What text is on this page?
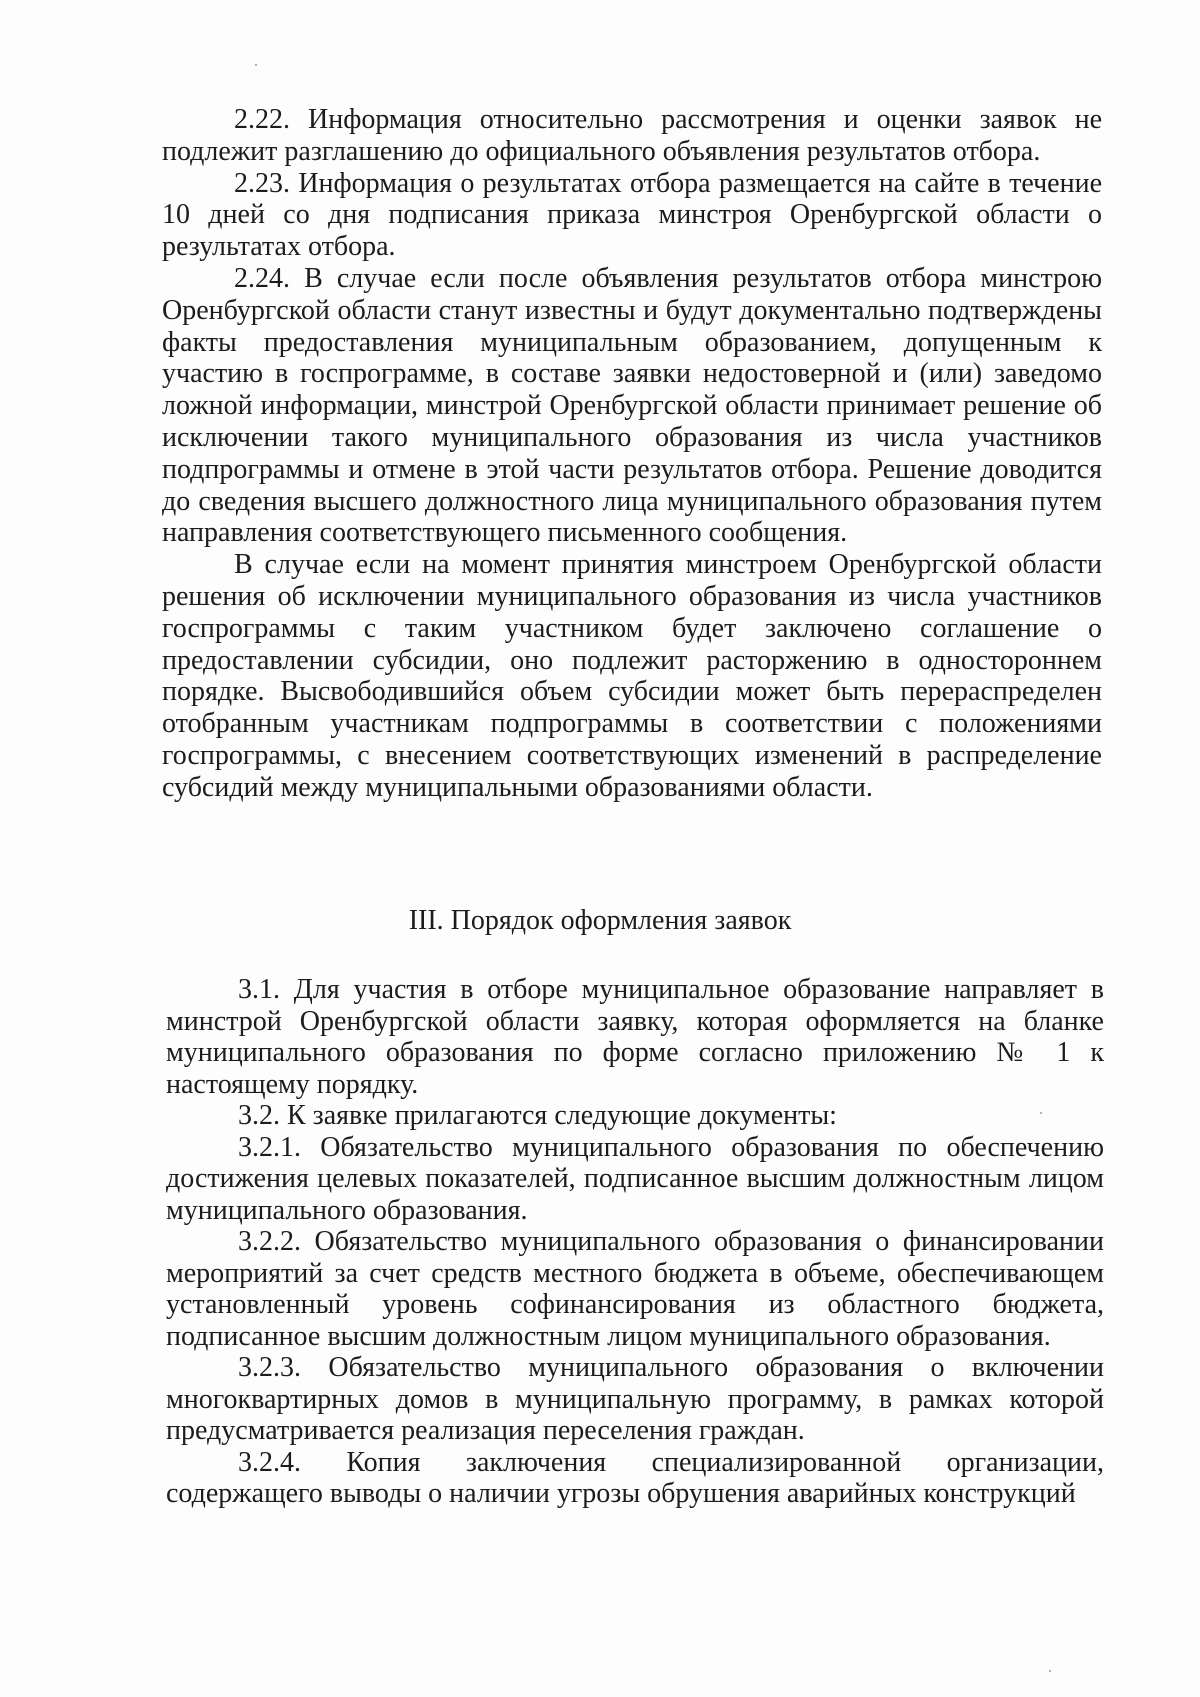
2.22. Информация относительно рассмотрения и оценки заявок не подлежит разглашению до официального объявления результатов отбора.

2.23. Информация о результатах отбора размещается на сайте в течение 10 дней со дня подписания приказа минстроя Оренбургской области о результатах отбора.

2.24. В случае если после объявления результатов отбора минстрою Оренбургской области станут известны и будут документально подтверждены факты предоставления муниципальным образованием, допущенным к участию в госпрограмме, в составе заявки недостоверной и (или) заведомо ложной информации, минстрой Оренбургской области принимает решение об исключении такого муниципального образования из числа участников подпрограммы и отмене в этой части результатов отбора. Решение доводится до сведения высшего должностного лица муниципального образования путем направления соответствующего письменного сообщения.

В случае если на момент принятия минстроем Оренбургской области решения об исключении муниципального образования из числа участников госпрограммы с таким участником будет заключено соглашение о предоставлении субсидии, оно подлежит расторжению в одностороннем порядке. Высвободившийся объем субсидии может быть перераспределен отобранным участникам подпрограммы в соответствии с положениями госпрограммы, с внесением соответствующих изменений в распределение субсидий между муниципальными образованиями области.

III. Порядок оформления заявок

3.1. Для участия в отборе муниципальное образование направляет в минстрой Оренбургской области заявку, которая оформляется на бланке муниципального образования по форме согласно приложению № 1 к настоящему порядку.

3.2. К заявке прилагаются следующие документы:

3.2.1. Обязательство муниципального образования по обеспечению достижения целевых показателей, подписанное высшим должностным лицом муниципального образования.

3.2.2. Обязательство муниципального образования о финансировании мероприятий за счет средств местного бюджета в объеме, обеспечивающем установленный уровень софинансирования из областного бюджета, подписанное высшим должностным лицом муниципального образования.

3.2.3. Обязательство муниципального образования о включении многоквартирных домов в муниципальную программу, в рамках которой предусматривается реализация переселения граждан.

3.2.4. Копия заключения специализированной организации, содержащего выводы о наличии угрозы обрушения аварийных конструкций
